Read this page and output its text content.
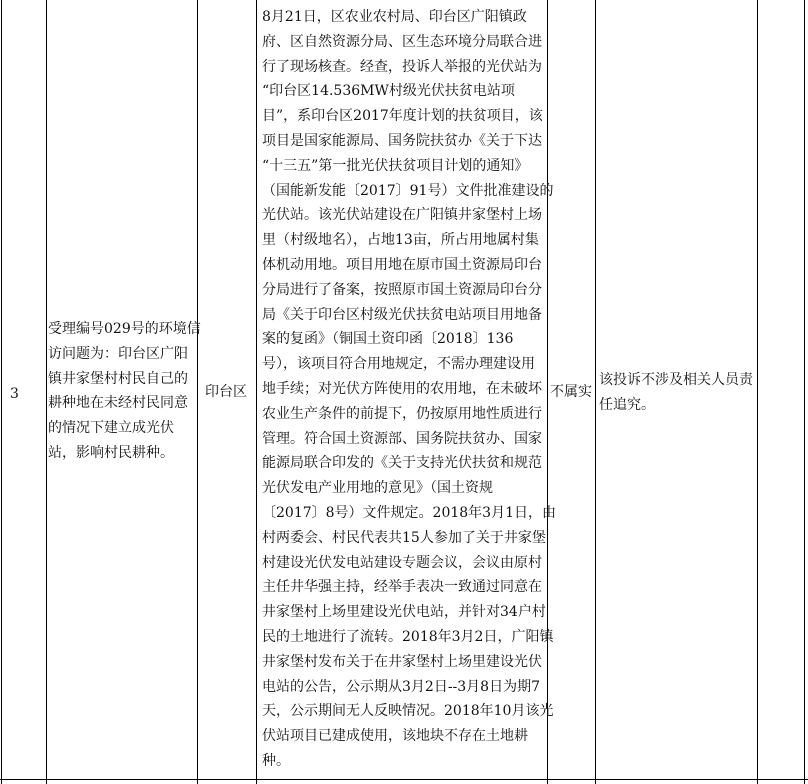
3
受理编号029号的环境信
访问题为：印台区广阳
镇井家堡村村民自己的
耕种地在未经村民同意
的情况下建立成光伏
站，影响村民耕种。
印台区
8月21日，区农业农村局、印台区广阳镇政
府、区自然资源分局、区生态环境分局联合进
行了现场核查。经查，投诉人举报的光伏站为
“印台区14.536MW村级光伏扶贫电站项
目”，系印台区2017年度计划的扶贫项目，该
项目是国家能源局、国务院扶贫办《关于下达
“十三五”第一批光伏扶贫项目计划的通知》
（国能新发能〔2017〕91号）文件批准建设的
光伏站。该光伏站建设在广阳镇井家堡村上场
里（村级地名），占地13亩，所占用地属村集
体机动用地。项目用地在原市国土资源局印台
分局进行了备案，按照原市国土资源局印台分
局《关于印台区村级光伏扶贫电站项目用地备
案的复函》（铜国土资印函〔2018〕136
号），该项目符合用地规定，不需办理建设用
地手续；对光伏方阵使用的农用地，在未破坏
农业生产条件的前提下，仍按原用地性质进行
管理。符合国土资源部、国务院扶贫办、国家
能源局联合印发的《关于支持光伏扶贫和规范
光伏发电产业用地的意见》（国土资规
〔2017〕8号）文件规定。2018年3月1日，由
村两委会、村民代表共15人参加了关于井家堡
村建设光伏发电站建设专题会议，会议由原村
主任井华强主持，经举手表决一致通过同意在
井家堡村上场里建设光伏电站，并针对34户村
民的土地进行了流转。2018年3月2日，广阳镇
井家堡村发布关于在井家堡村上场里建设光伏
电站的公告，公示期从3月2日--3月8日为期7
天，公示期间无人反映情况。2018年10月该光
伏站项目已建成使用，该地块不存在土地耕
种。
不属实
该投诉不涉及相关人员责
任追究。
